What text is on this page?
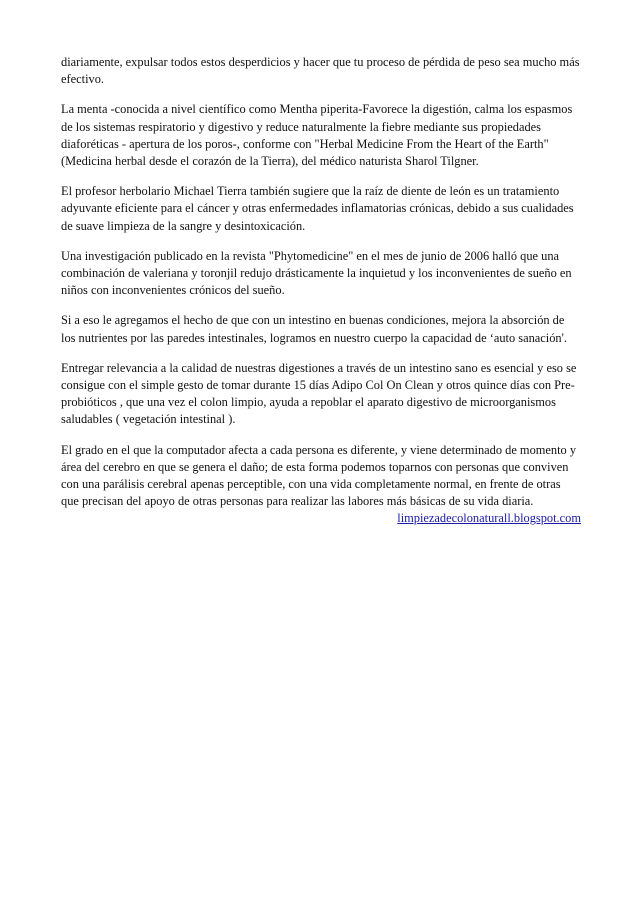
diariamente, expulsar todos estos desperdicios y hacer que tu proceso de pérdida de peso sea mucho más efectivo.

La menta -conocida a nivel científico como Mentha piperita-Favorece la digestión, calma los espasmos de los sistemas respiratorio y digestivo y reduce naturalmente la fiebre mediante sus propiedades diaforéticas - apertura de los poros-, conforme con "Herbal Medicine From the Heart of the Earth" (Medicina herbal desde el corazón de la Tierra), del médico naturista Sharol Tilgner.

El profesor herbolario Michael Tierra también sugiere que la raíz de diente de león es un tratamiento adyuvante eficiente para el cáncer y otras enfermedades inflamatorias crónicas, debido a sus cualidades de suave limpieza de la sangre y desintoxicación.

Una investigación publicado en la revista "Phytomedicine" en el mes de junio de 2006 halló que una combinación de valeriana y toronjil redujo drásticamente la inquietud y los inconvenientes de sueño en niños con inconvenientes crónicos del sueño.

Si a eso le agregamos el hecho de que con un intestino en buenas condiciones, mejora la absorción de los nutrientes por las paredes intestinales, logramos en nuestro cuerpo la capacidad de ‘auto sanación'.

Entregar relevancia a la calidad de nuestras digestiones a través de un intestino sano es esencial y eso se consigue con el simple gesto de tomar durante 15 días Adipo Col On Clean y otros quince días con Pre-probióticos , que una vez el colon limpio, ayuda a repoblar el aparato digestivo de microorganismos saludables ( vegetación intestinal ).

El grado en el que la computador afecta a cada persona es diferente, y viene determinado de momento y área del cerebro en que se genera el daño; de esta forma podemos toparnos con personas que conviven con una parálisis cerebral apenas perceptible, con una vida completamente normal, en frente de otras que precisan del apoyo de otras personas para realizar las labores más básicas de su vida diaria.

limpiezadecolonaturall.blogspot.com
